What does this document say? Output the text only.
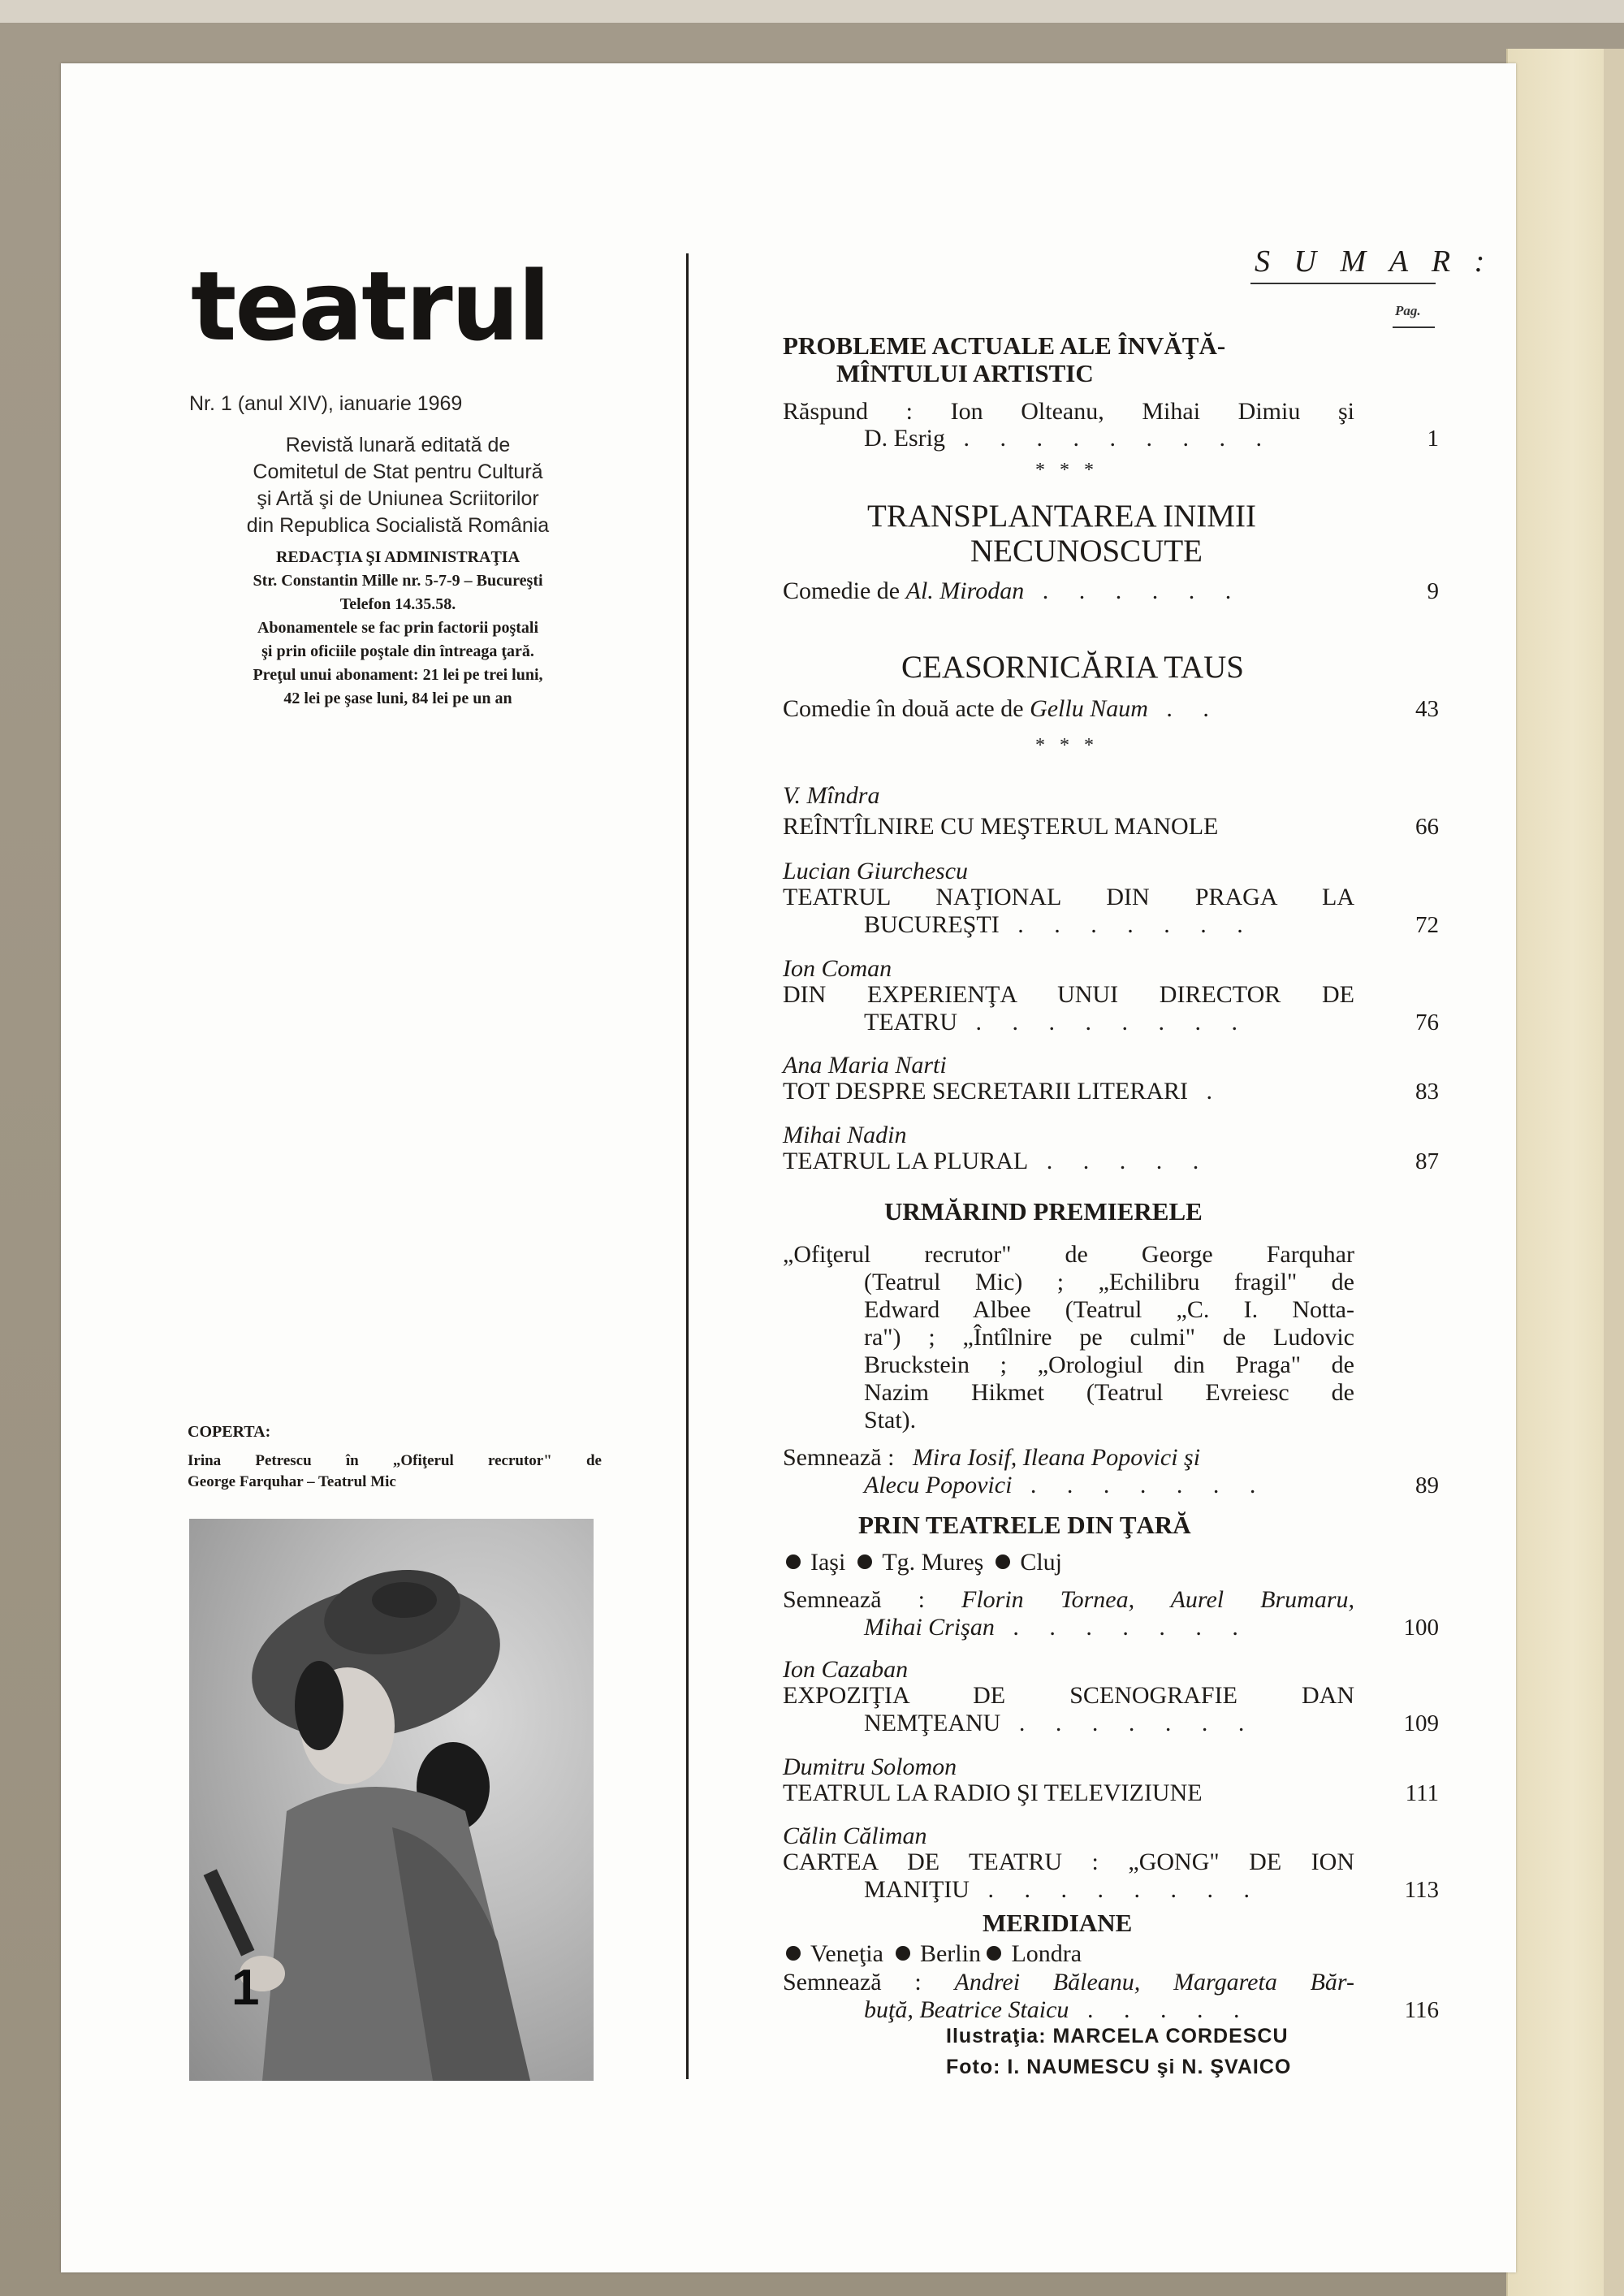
teatrul
Nr. 1 (anul XIV), ianuarie 1969
Revistă lunară editată de
Comitetul de Stat pentru Cultură
şi Artă şi de Uniunea Scriitorilor
din Republica Socialistă România
REDACŢIA ŞI ADMINISTRAŢIA
Str. Constantin Mille nr. 5-7-9 – Bucureşti
Telefon 14.35.58.
Abonamentele se fac prin factorii poştali
şi prin oficiile poştale din întreaga ţară.
Preţul unui abonament: 21 lei pe trei luni,
42 lei pe şase luni, 84 lei pe un an
COPERTA:
Irina Petrescu în „Ofiţerul recrutor" de
George Farquhar – Teatrul Mic
1
S U M A R :
Pag.
PROBLEME ACTUALE ALE ÎNVĂŢĂ-
MÎNTULUI ARTISTIC
Răspund : Ion Olteanu, Mihai Dimiu şi
D. Esrig . . . . . . . . .	1
* * *
TRANSPLANTAREA INIMII
NECUNOSCUTE
Comedie de Al. Mirodan . . . . . .	9
CEASORNICĂRIA TAUS
Comedie în două acte de Gellu Naum . .	43
* * *
V. Mîndra
REÎNTÎLNIRE CU MEŞTERUL MANOLE	66
Lucian Giurchescu
TEATRUL NAŢIONAL DIN PRAGA LA
BUCUREŞTI . . . . . . .	72
Ion Coman
DIN EXPERIENŢA UNUI DIRECTOR DE
TEATRU . . . . . . . .	76
Ana Maria Narti
TOT DESPRE SECRETARII LITERARI .	83
Mihai Nadin
TEATRUL LA PLURAL . . . . .	87
URMĂRIND PREMIERELE
„Ofiţerul recrutor" de George Farquhar
(Teatrul Mic) ; „Echilibru fragil" de
Edward Albee (Teatrul „C. I. Notta-
ra") ; „Întîlnire pe culmi" de Ludovic
Bruckstein ; „Orologiul din Praga" de
Nazim Hikmet (Teatrul Evreiesc de
Stat).
Semnează : Mira Iosif, Ileana Popovici şi
Alecu Popovici . . . . . . .	89
PRIN TEATRELE DIN ŢARĂ
Iaşi Tg. Mureş Cluj
Semnează : Florin Tornea, Aurel Brumaru,
Mihai Crişan . . . . . . .	100
Ion Cazaban
EXPOZIŢIA DE SCENOGRAFIE DAN
NEMŢEANU . . . . . . .	109
Dumitru Solomon
TEATRUL LA RADIO ŞI TELEVIZIUNE	111
Călin Căliman
CARTEA DE TEATRU : „GONG" DE ION
MANIŢIU . . . . . . . .	113
MERIDIANE
Veneţia Berlin Londra
Semnează : Andrei Băleanu, Margareta Băr-
buţă, Beatrice Staicu . . . . .	116
Ilustraţia: MARCELA CORDESCU
Foto: I. NAUMESCU şi N. ŞVAICO
